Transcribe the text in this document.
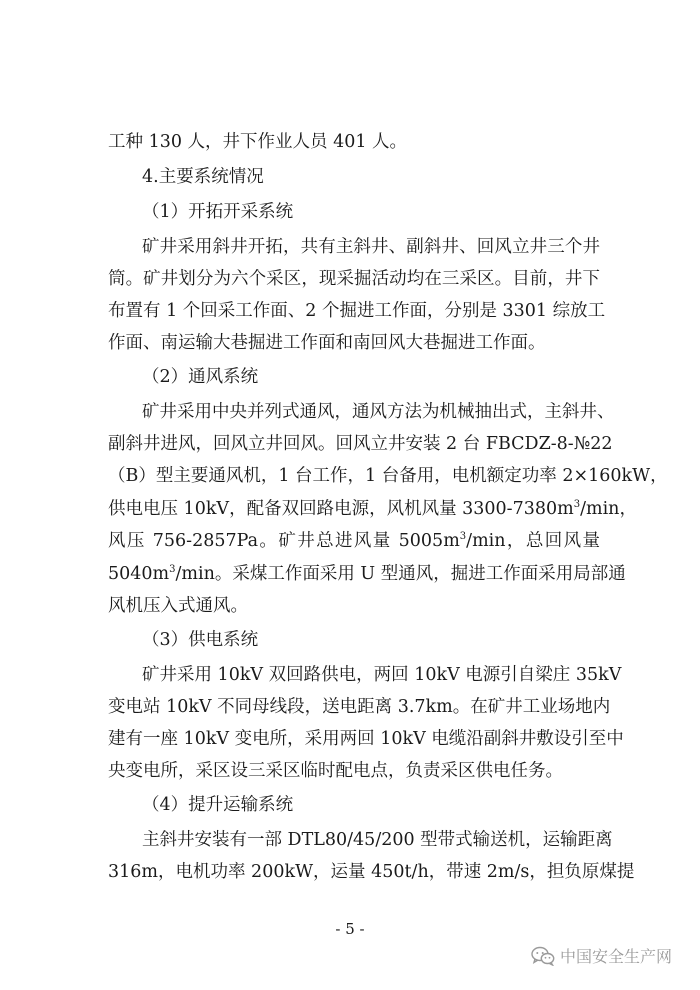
工种 130 人，井下作业人员 401 人。
4.主要系统情况
（1）开拓开采系统
矿井采用斜井开拓，共有主斜井、副斜井、回风立井三个井
筒。矿井划分为六个采区，现采掘活动均在三采区。目前，井下
布置有 1 个回采工作面、2 个掘进工作面，分别是 3301 综放工
作面、南运输大巷掘进工作面和南回风大巷掘进工作面。
（2）通风系统
矿井采用中央并列式通风，通风方法为机械抽出式，主斜井、
副斜井进风，回风立井回风。回风立井安装 2 台 FBCDZ-8-№22
（B）型主要通风机，1 台工作，1 台备用，电机额定功率 2×160kW，
供电电压 10kV，配备双回路电源，风机风量 $3300-7380m^3/\min$，
风压 756-2857Pa。矿井总进风量 $5005m^3/\min$，总回风量
$5040m^3/\min$。采煤工作面采用 U 型通风，掘进工作面采用局部通
风机压入式通风。
（3）供电系统
矿井采用 10kV 双回路供电，两回 10kV 电源引自梁庄 35kV
变电站 10kV 不同母线段，送电距离 3.7km。在矿井工业场地内
建有一座 10kV 变电所，采用两回 10kV 电缆沿副斜井敷设引至中
央变电所，采区设三采区临时配电点，负责采区供电任务。
（4）提升运输系统
主斜井安装有一部 DTL80/45/200 型带式输送机，运输距离
316m，电机功率 200kW，运量 450t/h，带速 2m/s，担负原煤提
- 5 -
中国安全生产网
